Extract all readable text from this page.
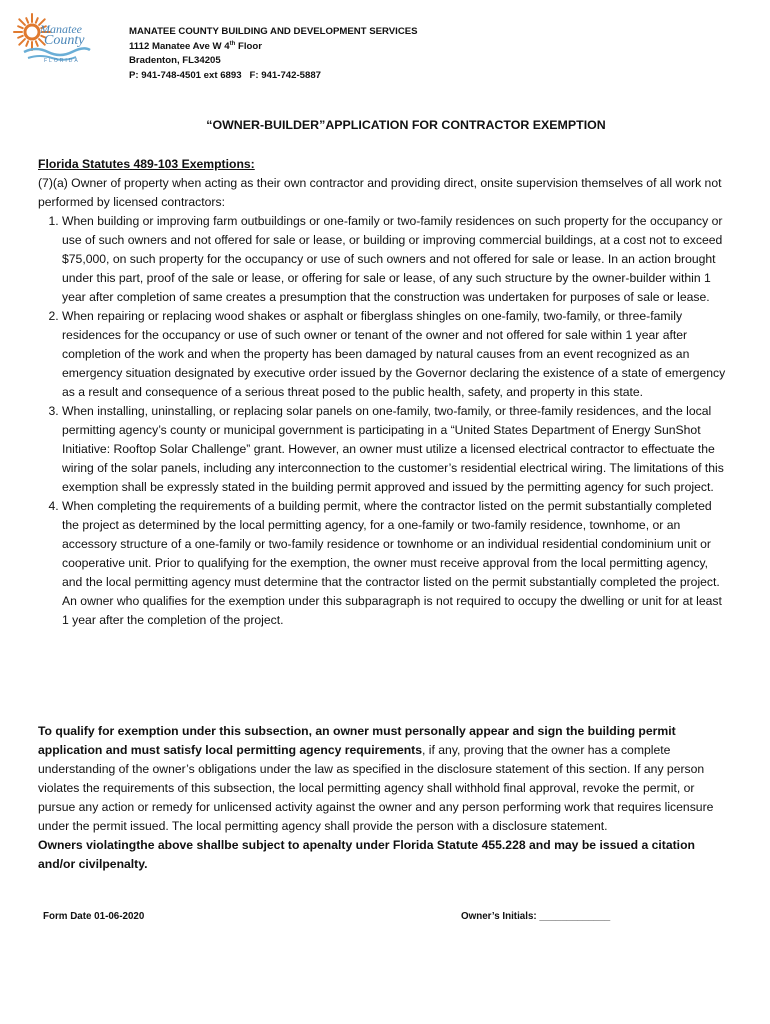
Manatee
County
FLORIDA
MANATEE COUNTY BUILDING AND DEVELOPMENT SERVICES
1112 Manatee Ave W 4th Floor
Bradenton, FL34205
P: 941-748-4501 ext 6893   F: 941-742-5887
“OWNER-BUILDER”APPLICATION FOR CONTRACTOR EXEMPTION
Florida Statutes 489-103 Exemptions:
(7)(a) Owner of property when acting as their own contractor and providing direct, onsite supervision themselves of all work not performed by licensed contractors:
1. When building or improving farm outbuildings or one-family or two-family residences on such property for the occupancy or use of such owners and not offered for sale or lease, or building or improving commercial buildings, at a cost not to exceed $75,000, on such property for the occupancy or use of such owners and not offered for sale or lease. In an action brought under this part, proof of the sale or lease, or offering for sale or lease, of any such structure by the owner-builder within 1 year after completion of same creates a presumption that the construction was undertaken for purposes of sale or lease.
2. When repairing or replacing wood shakes or asphalt or fiberglass shingles on one-family, two-family, or three-family residences for the occupancy or use of such owner or tenant of the owner and not offered for sale within 1 year after completion of the work and when the property has been damaged by natural causes from an event recognized as an emergency situation designated by executive order issued by the Governor declaring the existence of a state of emergency as a result and consequence of a serious threat posed to the public health, safety, and property in this state.
3. When installing, uninstalling, or replacing solar panels on one-family, two-family, or three-family residences, and the local permitting agency’s county or municipal government is participating in a “United States Department of Energy SunShot Initiative: Rooftop Solar Challenge” grant. However, an owner must utilize a licensed electrical contractor to effectuate the wiring of the solar panels, including any interconnection to the customer’s residential electrical wiring. The limitations of this exemption shall be expressly stated in the building permit approved and issued by the permitting agency for such project.
4. When completing the requirements of a building permit, where the contractor listed on the permit substantially completed the project as determined by the local permitting agency, for a one-family or two-family residence, townhome, or an accessory structure of a one-family or two-family residence or townhome or an individual residential condominium unit or cooperative unit. Prior to qualifying for the exemption, the owner must receive approval from the local permitting agency, and the local permitting agency must determine that the contractor listed on the permit substantially completed the project. An owner who qualifies for the exemption under this subparagraph is not required to occupy the dwelling or unit for at least 1 year after the completion of the project.
To qualify for exemption under this subsection, an owner must personally appear and sign the building permit application and must satisfy local permitting agency requirements, if any, proving that the owner has a complete understanding of the owner’s obligations under the law as specified in the disclosure statement of this section. If any person violates the requirements of this subsection, the local permitting agency shall withhold final approval, revoke the permit, or pursue any action or remedy for unlicensed activity against the owner and any person performing work that requires licensure under the permit issued. The local permitting agency shall provide the person with a disclosure statement.
Owners violatingthe above shallbe subject to apenalty under Florida Statute 455.228 and may be issued a citation and/or civilpenalty.
Form Date 01-06-2020	Owner’s Initials: _____________
